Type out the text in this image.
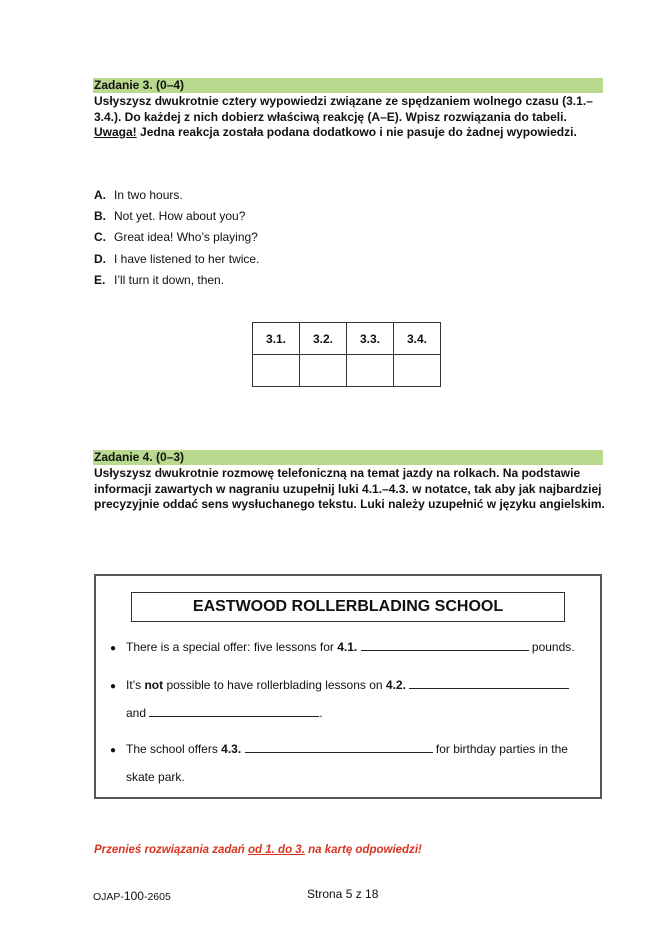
Zadanie 3. (0–4)
Usłyszysz dwukrotnie cztery wypowiedzi związane ze spędzaniem wolnego czasu (3.1.–3.4.). Do każdej z nich dobierz właściwą reakcję (A–E). Wpisz rozwiązania do tabeli.
Uwaga! Jedna reakcja została podana dodatkowo i nie pasuje do żadnej wypowiedzi.
A. In two hours.
B. Not yet. How about you?
C. Great idea! Who’s playing?
D. I have listened to her twice.
E. I’ll turn it down, then.
3.1.	3.2.	3.3.	3.4.

Zadanie 4. (0–3)
Usłyszysz dwukrotnie rozmowę telefoniczną na temat jazdy na rolkach. Na podstawie informacji zawartych w nagraniu uzupełnij luki 4.1.–4.3. w notatce, tak aby jak najbardziej precyzyjnie oddać sens wysłuchanego tekstu. Luki należy uzupełnić w języku angielskim.
EASTWOOD ROLLERBLADING SCHOOL
● There is a special offer: five lessons for 4.1.	pounds.
● It’s not possible to have rollerblading lessons on 4.2.
and	.
● The school offers 4.3.	for birthday parties in the
skate park.
Przenieś rozwiązania zadań od 1. do 3. na kartę odpowiedzi!
OJAP-100-2605	Strona 5 z 18
